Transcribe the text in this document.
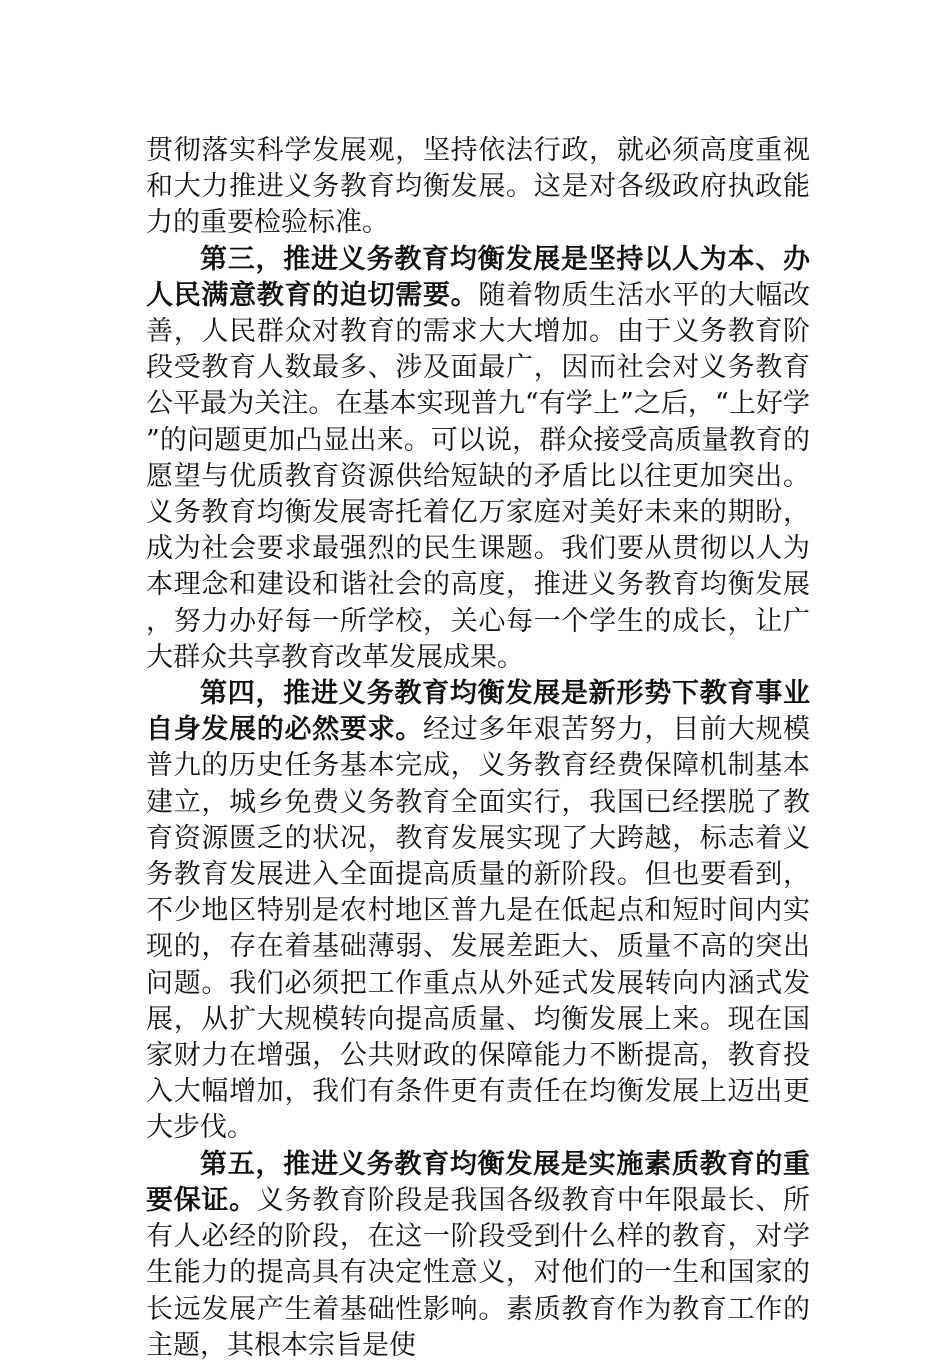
贯彻落实科学发展观，坚持依法行政，就必须高度重视和大力推进义务教育均衡发展。这是对各级政府执政能力的重要检验标准。

第三，推进义务教育均衡发展是坚持以人为本、办人民满意教育的迫切需要。随着物质生活水平的大幅改善，人民群众对教育的需求大大增加。由于义务教育阶段受教育人数最多、涉及面最广，因而社会对义务教育公平最为关注。在基本实现普九“有学上”之后，“上好学”的问题更加凸显出来。可以说，群众接受高质量教育的愿望与优质教育资源供给短缺的矛盾比以往更加突出。义务教育均衡发展寄托着亿万家庭对美好未来的期盼，成为社会要求最强烈的民生课题。我们要从贯彻以人为本理念和建设和谐社会的高度，推进义务教育均衡发展，努力办好每一所学校，关心每一个学生的成长，让广大群众共享教育改革发展成果。

第四，推进义务教育均衡发展是新形势下教育事业自身发展的必然要求。经过多年艰苦努力，目前大规模普九的历史任务基本完成，义务教育经费保障机制基本建立，城乡免费义务教育全面实行，我国已经摆脱了教育资源匮乏的状况，教育发展实现了大跨越，标志着义务教育发展进入全面提高质量的新阶段。但也要看到，不少地区特别是农村地区普九是在低起点和短时间内实现的，存在着基础薄弱、发展差距大、质量不高的突出问题。我们必须把工作重点从外延式发展转向内涵式发展，从扩大规模转向提高质量、均衡发展上来。现在国家财力在增强，公共财政的保障能力不断提高，教育投入大幅增加，我们有条件更有责任在均衡发展上迈出更大步伐。

第五，推进义务教育均衡发展是实施素质教育的重要保证。义务教育阶段是我国各级教育中年限最长、所有人必经的阶段，在这一阶段受到什么样的教育，对学生能力的提高具有决定性意义，对他们的一生和国家的长远发展产生着基础性影响。素质教育作为教育工作的主题，其根本宗旨是使
